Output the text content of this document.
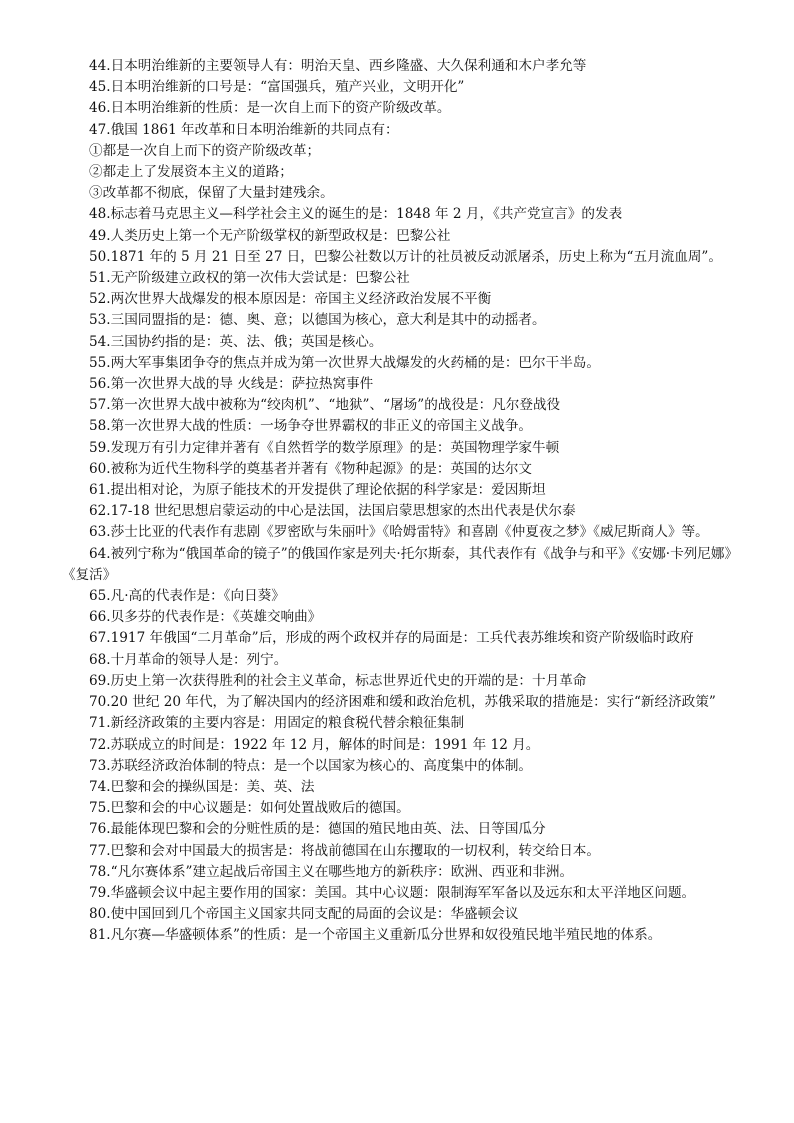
44.日本明治维新的主要领导人有：明治天皇、西乡隆盛、大久保利通和木户孝允等

45.日本明治维新的口号是：“富国强兵，殖产兴业，文明开化”

46.日本明治维新的性质：是一次自上而下的资产阶级改革。

47.俄国 1861 年改革和日本明治维新的共同点有：

①都是一次自上而下的资产阶级改革；

②都走上了发展资本主义的道路；

③改革都不彻底，保留了大量封建残余。

48.标志着马克思主义—科学社会主义的诞生的是：1848 年 2 月，《共产党宣言》的发表

49.人类历史上第一个无产阶级掌权的新型政权是：巴黎公社

50.1871 年的 5 月 21 日至 27 日，巴黎公社数以万计的社员被反动派屠杀，历史上称为“五月流血周”。

51.无产阶级建立政权的第一次伟大尝试是：巴黎公社

52.两次世界大战爆发的根本原因是：帝国主义经济政治发展不平衡

53.三国同盟指的是：德、奥、意；以德国为核心，意大利是其中的动摇者。

54.三国协约指的是：英、法、俄；英国是核心。

55.两大军事集团争夺的焦点并成为第一次世界大战爆发的火药桶的是：巴尔干半岛。

56.第一次世界大战的导 火线是：萨拉热窝事件

57.第一次世界大战中被称为“绞肉机”、“地狱”、“屠场”的战役是：凡尔登战役

58.第一次世界大战的性质：一场争夺世界霸权的非正义的帝国主义战争。

59.发现万有引力定律并著有《自然哲学的数学原理》的是：英国物理学家牛顿

60.被称为近代生物科学的奠基者并著有《物种起源》的是：英国的达尔文

61.提出相对论，为原子能技术的开发提供了理论依据的科学家是：爱因斯坦

62.17-18 世纪思想启蒙运动的中心是法国，法国启蒙思想家的杰出代表是伏尔泰

63.莎士比亚的代表作有悲剧《罗密欧与朱丽叶》《哈姆雷特》和喜剧《仲夏夜之梦》《威尼斯商人》等。

64.被列宁称为“俄国革命的镜子”的俄国作家是列夫·托尔斯泰，其代表作有《战争与和平》《安娜·卡列尼娜》《复活》

65.凡·高的代表作是：《向日葵》

66.贝多芬的代表作是：《英雄交响曲》

67.1917 年俄国“二月革命”后，形成的两个政权并存的局面是：工兵代表苏维埃和资产阶级临时政府

68.十月革命的领导人是：列宁。

69.历史上第一次获得胜利的社会主义革命，标志世界近代史的开端的是：十月革命

70.20 世纪 20 年代，为了解决国内的经济困难和缓和政治危机，苏俄采取的措施是：实行“新经济政策”

71.新经济政策的主要内容是：用固定的粮食税代替余粮征集制

72.苏联成立的时间是：1922 年 12 月，解体的时间是：1991 年 12 月。

73.苏联经济政治体制的特点：是一个以国家为核心的、高度集中的体制。

74.巴黎和会的操纵国是：美、英、法

75.巴黎和会的中心议题是：如何处置战败后的德国。

76.最能体现巴黎和会的分赃性质的是：德国的殖民地由英、法、日等国瓜分

77.巴黎和会对中国最大的损害是：将战前德国在山东攫取的一切权利，转交给日本。

78.“凡尔赛体系”建立起战后帝国主义在哪些地方的新秩序：欧洲、西亚和非洲。

79.华盛顿会议中起主要作用的国家：美国。其中心议题：限制海军军备以及远东和太平洋地区问题。

80.使中国回到几个帝国主义国家共同支配的局面的会议是：华盛顿会议

81.凡尔赛—华盛顿体系”的性质：是一个帝国主义重新瓜分世界和奴役殖民地半殖民地的体系。
